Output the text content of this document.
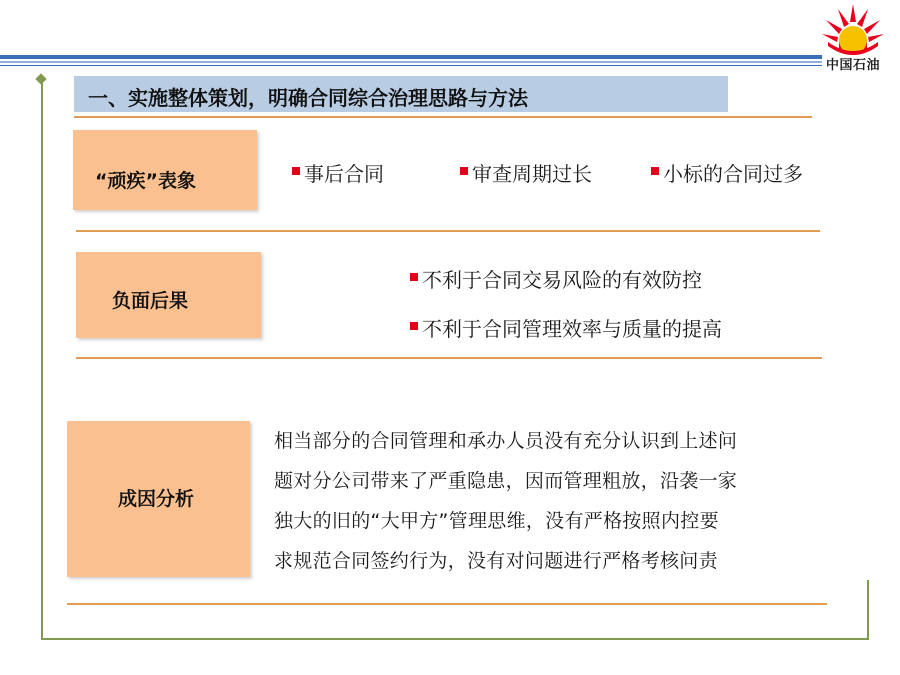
中国石油
一、实施整体策划，明确合同综合治理思路与方法
“顽疾”表象	事后合同	审查周期过长	小标的合同过多
负面后果
不利于合同交易风险的有效防控
不利于合同管理效率与质量的提高
成因分析
相当部分的合同管理和承办人员没有充分认识到上述问
题对分公司带来了严重隐患，因而管理粗放，沿袭一家
独大的旧的“大甲方”管理思维，没有严格按照内控要
求规范合同签约行为，没有对问题进行严格考核问责
